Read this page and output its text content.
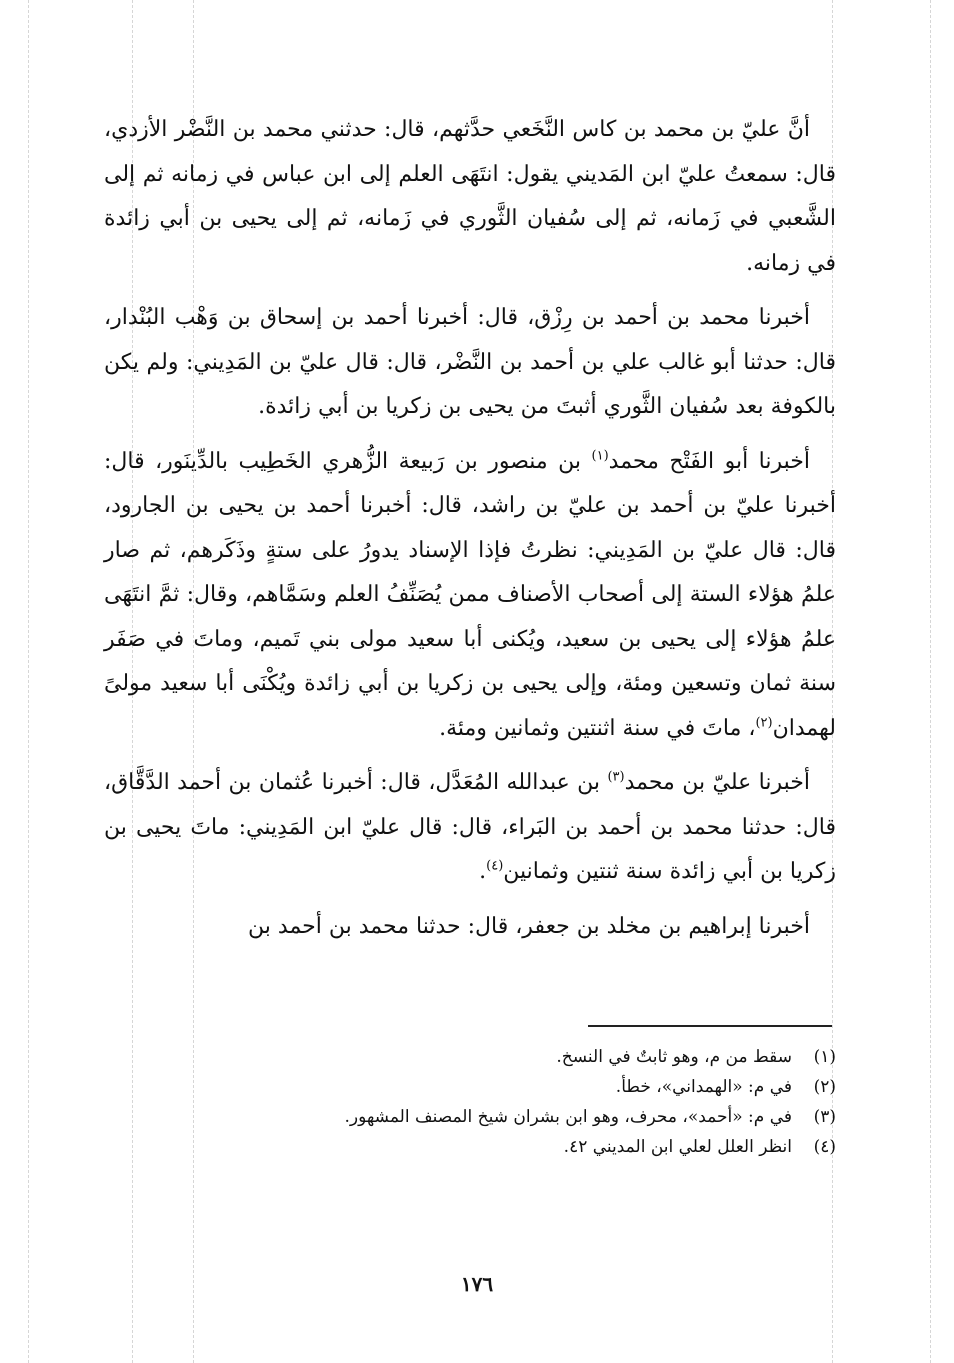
أنَّ عليّ بن محمد بن كاس النَّخَعي حدَّثهم، قال: حدثني محمد بن النَّضْر الأزدي، قال: سمعتُ عليّ ابن المَديني يقول: انتَهَى العلم إلى ابن عباس في زمانه ثم إلى الشَّعبي في زَمانه، ثم إلى سُفيان الثَّوري في زَمانه، ثم إلى يحيى بن أبي زائدة في زمانه.

أخبرنا محمد بن أحمد بن رِزْق، قال: أخبرنا أحمد بن إسحاق بن وَهْب البُنْدار، قال: حدثنا أبو غالب علي بن أحمد بن النَّضْر، قال: قال عليّ بن المَدِيني: ولم يكن بالكوفة بعد سُفيان الثَّوري أثبتَ من يحيى بن زكريا بن أبي زائدة.

أخبرنا أبو الفَتْح محمد$^{(١)}$ بن منصور بن رَبيعة الزُّهري الخَطِيب بالدِّينَور، قال: أخبرنا عليّ بن أحمد بن عليّ بن راشد، قال: أخبرنا أحمد بن يحيى بن الجارود، قال: قال عليّ بن المَدِيني: نظرتُ فإذا الإسناد يدورُ على ستةٍ وذَكَرهم، ثم صار علمُ هؤلاء الستة إلى أصحاب الأصناف ممن يُصَنِّفُ العلم وسَمَّاهم، وقال: ثمَّ انتَهَى علمُ هؤلاء إلى يحيى بن سعيد، ويُكنى أبا سعيد مولى بني تَميم، وماتَ في صَفَر سنة ثمان وتسعين ومئة، وإلى يحيى بن زكريا بن أبي زائدة ويُكْنَى أبا سعيد مولىً لهمدان$^{(٢)}$، ماتَ في سنة اثنتين وثمانين ومئة.

أخبرنا عليّ بن محمد$^{(٣)}$ بن عبدالله المُعَدَّل، قال: أخبرنا عُثمان بن أحمد الدَّقَّاق، قال: حدثنا محمد بن أحمد بن البَراء، قال: قال عليّ ابن المَدِيني: ماتَ يحيى بن زكريا بن أبي زائدة سنة ثنتين وثمانين$^{(٤)}$.

أخبرنا إبراهيم بن مخلد بن جعفر، قال: حدثنا محمد بن أحمد بن

(١)سقط من م، وهو ثابتٌ في النسخ.
(٢)في م: «الهمداني»، خطأ.
(٣)في م: «أحمد»، محرف، وهو ابن بشران شيخ المصنف المشهور.
(٤)انظر العلل لعلي ابن المديني ٤٢.
١٧٦
